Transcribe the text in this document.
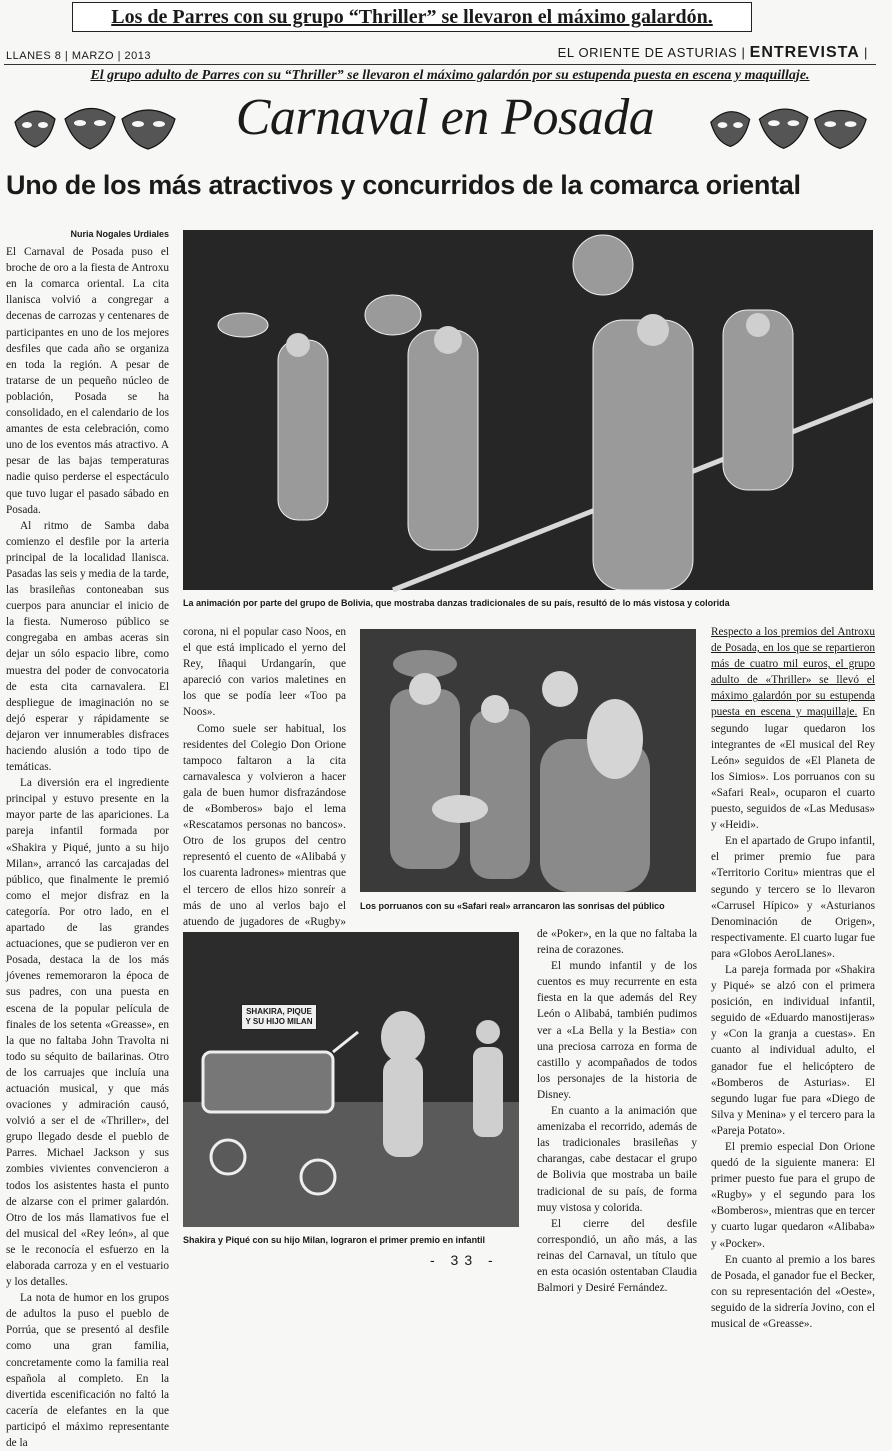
Los de Parres con su grupo “Thriller” se llevaron el máximo galardón.
LLANES 8 | MARZO | 2013	EL ORIENTE DE ASTURIAS | ENTREVISTA |
El grupo adulto de Parres con su “Thriller” se llevaron el máximo galardón por su estupenda puesta en escena y maquillaje.
Carnaval en Posada
Uno de los más atractivos y concurridos de la comarca oriental
Nuria Nogales Urdiales

El Carnaval de Posada puso el broche de oro a la fiesta de Antroxu en la comarca oriental. La cita llanisca volvió a congregar a decenas de carrozas y centenares de participantes en uno de los mejores desfiles que cada año se organiza en toda la región. A pesar de tratarse de un pequeño núcleo de población, Posada se ha consolidado, en el calendario de los amantes de esta celebración, como uno de los eventos más atractivo. A pesar de las bajas temperaturas nadie quiso perderse el espectáculo que tuvo lugar el pasado sábado en Posada.

Al ritmo de Samba daba comienzo el desfile por la arteria principal de la localidad llanisca. Pasadas las seis y media de la tarde, las brasileñas contoneaban sus cuerpos para anunciar el inicio de la fiesta. Numeroso público se congregaba en ambas aceras sin dejar un sólo espacio libre, como muestra del poder de convocatoria de esta cita carnavalera. El despliegue de imaginación no se dejó esperar y rápidamente se dejaron ver innumerables disfraces haciendo alusión a todo tipo de temáticas.

La diversión era el ingrediente principal y estuvo presente en la mayor parte de las apariciones. La pareja infantil formada por «Shakira y Piqué, junto a su hijo Milan», arrancó las carcajadas del público, que finalmente le premió como el mejor disfraz en la categoría. Por otro lado, en el apartado de las grandes actuaciones, que se pudieron ver en Posada, destaca la de los más jóvenes rememoraron la época de sus padres, con una puesta en escena de la popular película de finales de los setenta «Greasse», en la que no faltaba John Travolta ni todo su séquito de bailarinas. Otro de los carruajes que incluía una actuación musical, y que más ovaciones y admiración causó, volvió a ser el de «Thriller», del grupo llegado desde el pueblo de Parres. Michael Jackson y sus zombies vivientes convencieron a todos los asistentes hasta el punto de alzarse con el primer galardón. Otro de los más llamativos fue el del musical del «Rey león», al que se le reconocía el esfuerzo en la elaborada carroza y en el vestuario y los detalles.

La nota de humor en los grupos de adultos la puso el pueblo de Porrúa, que se presentó al desfile como una gran familia, concretamente como la familia real española al completo. En la divertida escenificación no faltó la cacería de elefantes en la que participó el máximo representante de la

La animación por parte del grupo de Bolivia, que mostraba danzas tradicionales de su país, resultó de lo más vistosa y colorida

corona, ni el popular caso Noos, en el que está implicado el yerno del Rey, Iñaqui Urdangarín, que apareció con varios maletines en los que se podía leer «Too pa Noos».

Como suele ser habitual, los residentes del Colegio Don Orione tampoco faltaron a la cita carnavalesca y volvieron a hacer gala de buen humor disfrazándose de «Bomberos» bajo el lema «Rescatamos personas no bancos». Otro de los grupos del centro representó el cuento de «Alibabá y los cuarenta ladrones» mientras que el tercero de ellos hizo sonreír a más de uno al verlos bajo el atuendo de jugadores de «Rugby»

Los porruanos con su «Safari real» arrancaron las sonrisas del público
SHAKIRA, PIQUE Y SU HIJO MILAN
Shakira y Piqué con su hijo Milan, lograron el primer premio en infantil

de «Poker», en la que no faltaba la reina de corazones.

El mundo infantil y de los cuentos es muy recurrente en esta fiesta en la que además del Rey León o Alibabá, también pudimos ver a «La Bella y la Bestia» con una preciosa carroza en forma de castillo y acompañados de todos los personajes de la historia de Disney.

En cuanto a la animación que amenizaba el recorrido, además de las tradicionales brasileñas y charangas, cabe destacar el grupo de Bolivia que mostraba un baile tradicional de su país, de forma muy vistosa y colorida.

El cierre del desfile correspondió, un año más, a las reinas del Carnaval, un título que en esta ocasión ostentaban Claudia Balmori y Desiré Fernández.

Respecto a los premios del Antroxu de Posada, en los que se repartieron más de cuatro mil euros, el grupo adulto de «Thriller» se llevó el máximo galardón por su estupenda puesta en escena y maquillaje. En segundo lugar quedaron los integrantes de «El musical del Rey León» seguidos de «El Planeta de los Simios». Los porruanos con su «Safari Real», ocuparon el cuarto puesto, seguidos de «Las Medusas» y «Heidi».

En el apartado de Grupo infantil, el primer premio fue para «Territorio Coritu» mientras que el segundo y tercero se lo llevaron «Carrusel Hípico» y «Asturianos Denominación de Origen», respectivamente. El cuarto lugar fue para «Globos AeroLlanes».

La pareja formada por «Shakira y Piqué» se alzó con el primera posición, en individual infantil, seguido de «Eduardo manostijeras» y «Con la granja a cuestas». En cuanto al individual adulto, el ganador fue el helicóptero de «Bomberos de Asturias». El segundo lugar fue para «Diego de Silva y Menina» y el tercero para la «Pareja Potato».

El premio especial Don Orione quedó de la siguiente manera: El primer puesto fue para el grupo de «Rugby» y el segundo para los «Bomberos», mientras que en tercer y cuarto lugar quedaron «Alibaba» y «Pocker».

En cuanto al premio a los bares de Posada, el ganador fue el Becker, con su representación del «Oeste», seguido de la sidrería Jovino, con el musical de «Greasse».

- 33 -
